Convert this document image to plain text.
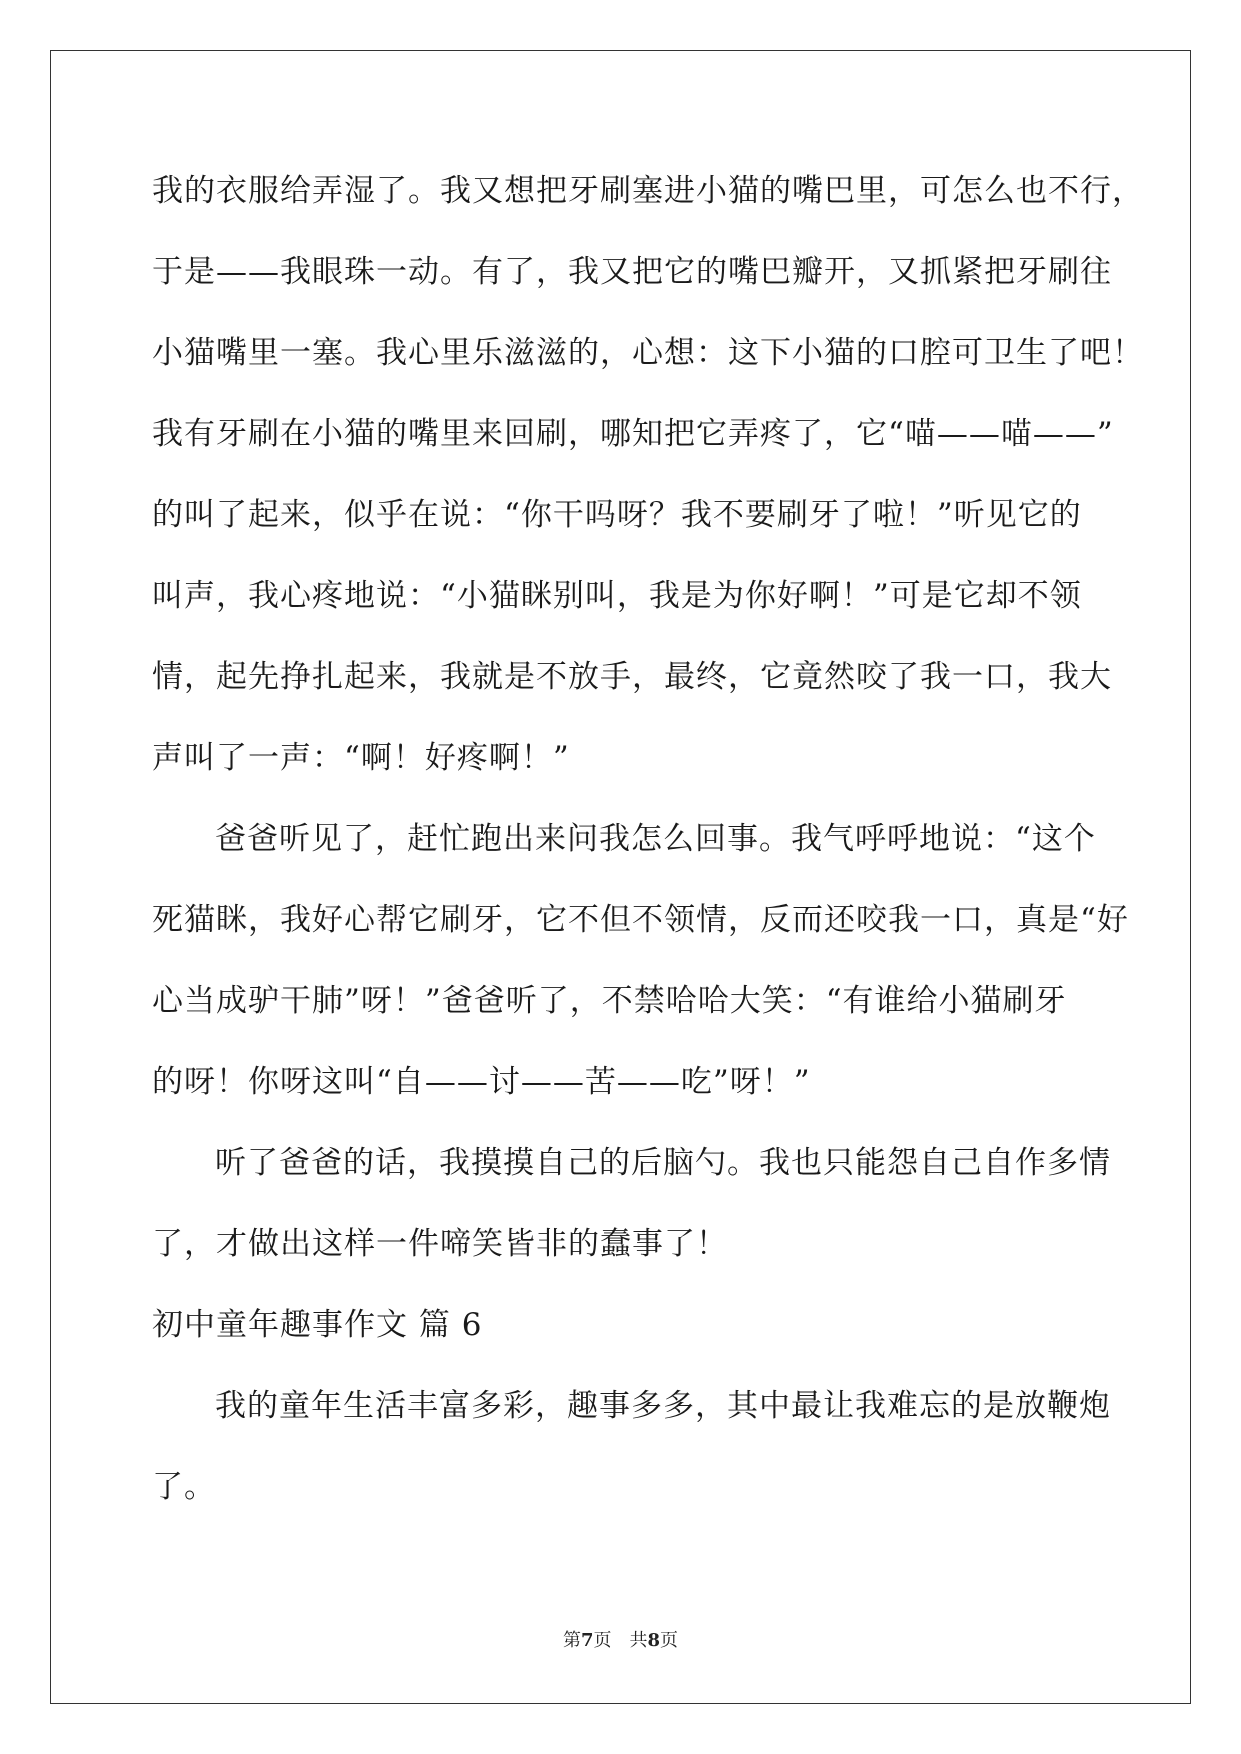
我的衣服给弄湿了。我又想把牙刷塞进小猫的嘴巴里，可怎么也不行，
于是——我眼珠一动。有了，我又把它的嘴巴瓣开，又抓紧把牙刷往
小猫嘴里一塞。我心里乐滋滋的，心想：这下小猫的口腔可卫生了吧！
我有牙刷在小猫的嘴里来回刷，哪知把它弄疼了，它“喵——喵——”
的叫了起来，似乎在说：“你干吗呀？我不要刷牙了啦！”听见它的
叫声，我心疼地说：“小猫眯别叫，我是为你好啊！”可是它却不领
情，起先挣扎起来，我就是不放手，最终，它竟然咬了我一口，我大
声叫了一声：“啊！好疼啊！”
爸爸听见了，赶忙跑出来问我怎么回事。我气呼呼地说：“这个
死猫眯，我好心帮它刷牙，它不但不领情，反而还咬我一口，真是“好
心当成驴干肺”呀！”爸爸听了，不禁哈哈大笑：“有谁给小猫刷牙
的呀！你呀这叫“自——讨——苦——吃”呀！”
听了爸爸的话，我摸摸自己的后脑勺。我也只能怨自己自作多情
了，才做出这样一件啼笑皆非的蠢事了！
初中童年趣事作文 篇 6
我的童年生活丰富多彩，趣事多多，其中最让我难忘的是放鞭炮
了。
第7页 共8页
